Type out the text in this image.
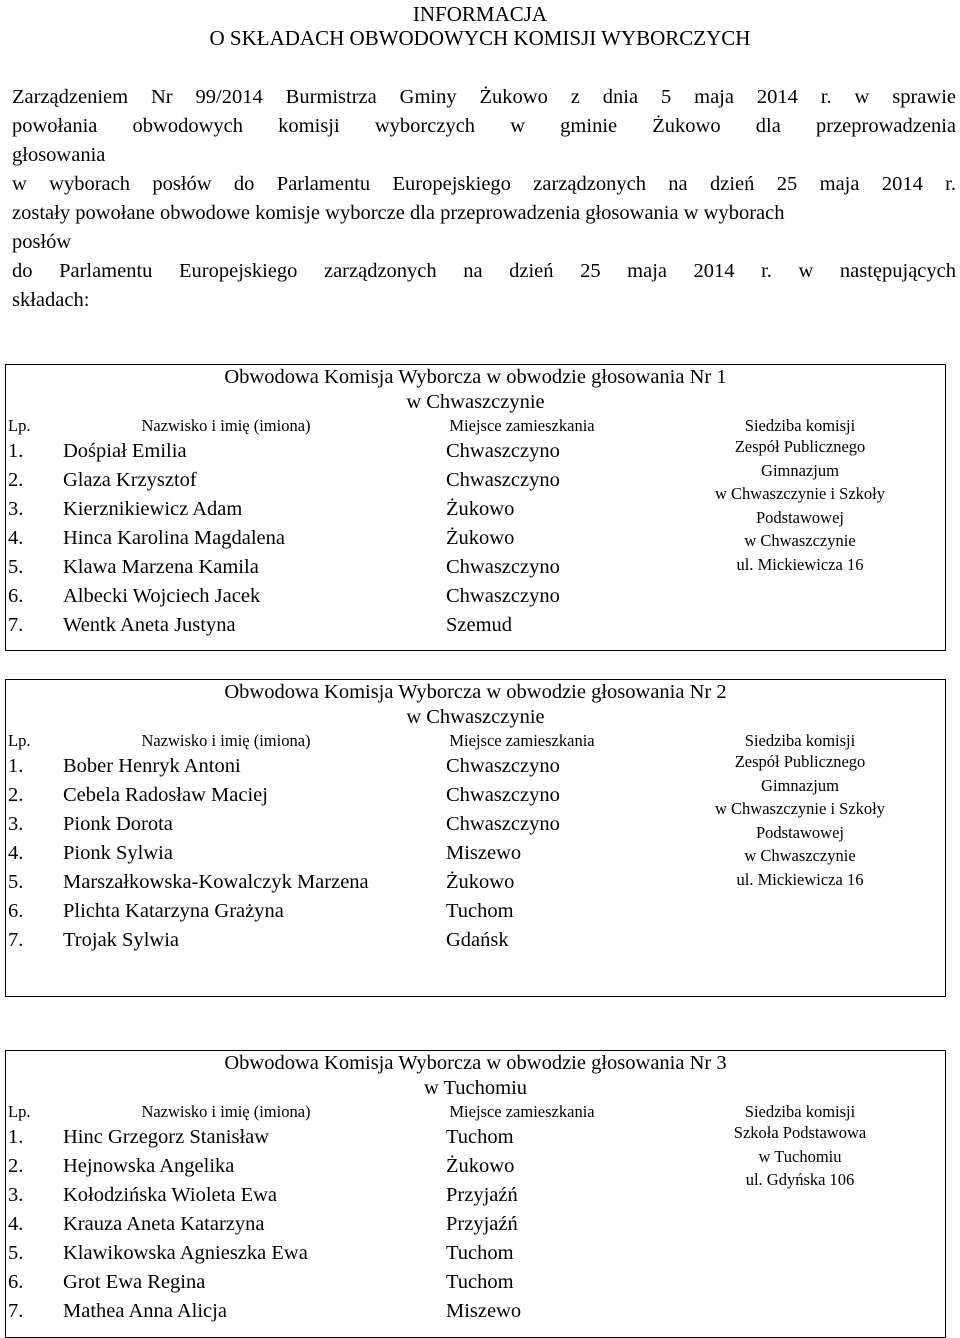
INFORMACJA
O SKŁADACH OBWODOWYCH KOMISJI WYBORCZYCH

Zarządzeniem Nr 99/2014 Burmistrza Gminy Żukowo z dnia 5 maja 2014 r. w sprawie

powołania obwodowych komisji wyborczych w gminie Żukowo dla przeprowadzenia

głosowania

w wyborach posłów do Parlamentu Europejskiego zarządzonych na dzień 25 maja 2014 r.

zostały powołane obwodowe komisje wyborcze dla przeprowadzenia głosowania w wyborach

posłów

do Parlamentu Europejskiego zarządzonych na dzień 25 maja 2014 r. w następujących

składach:

Obwodowa Komisja Wyborcza w obwodzie głosowania Nr 1
w Chwaszczynie
Lp.	Nazwisko i imię (imiona)	Miejsce zamieszkania	Siedziba komisji
Zespół Publicznego
Gimnazjum
w Chwaszczynie i Szkoły
Podstawowej
w Chwaszczynie
ul. Mickiewicza 16
1.	Dośpiał Emilia	Chwaszczyno
2.	Glaza Krzysztof	Chwaszczyno
3.	Kierznikiewicz Adam	Żukowo
4.	Hinca Karolina Magdalena	Żukowo
5.	Klawa Marzena Kamila	Chwaszczyno
6.	Albecki Wojciech Jacek	Chwaszczyno
7.	Wentk Aneta Justyna	Szemud
Obwodowa Komisja Wyborcza w obwodzie głosowania Nr 2
w Chwaszczynie
Lp.	Nazwisko i imię (imiona)	Miejsce zamieszkania	Siedziba komisji
Zespół Publicznego
Gimnazjum
w Chwaszczynie i Szkoły
Podstawowej
w Chwaszczynie
ul. Mickiewicza 16
1.	Bober Henryk Antoni	Chwaszczyno
2.	Cebela Radosław Maciej	Chwaszczyno
3.	Pionk Dorota	Chwaszczyno
4.	Pionk Sylwia	Miszewo
5.	Marszałkowska-Kowalczyk Marzena	Żukowo
6.	Plichta Katarzyna Grażyna	Tuchom
7.	Trojak Sylwia	Gdańsk
Obwodowa Komisja Wyborcza w obwodzie głosowania Nr 3
w Tuchomiu
Lp.	Nazwisko i imię (imiona)	Miejsce zamieszkania	Siedziba komisji
Szkoła Podstawowa
w Tuchomiu
ul. Gdyńska 106
1.	Hinc Grzegorz Stanisław	Tuchom
2.	Hejnowska Angelika	Żukowo
3.	Kołodzińska Wioleta Ewa	Przyjaźń
4.	Krauza Aneta Katarzyna	Przyjaźń
5.	Klawikowska Agnieszka Ewa	Tuchom
6.	Grot Ewa Regina	Tuchom
7.	Mathea Anna Alicja	Miszewo
